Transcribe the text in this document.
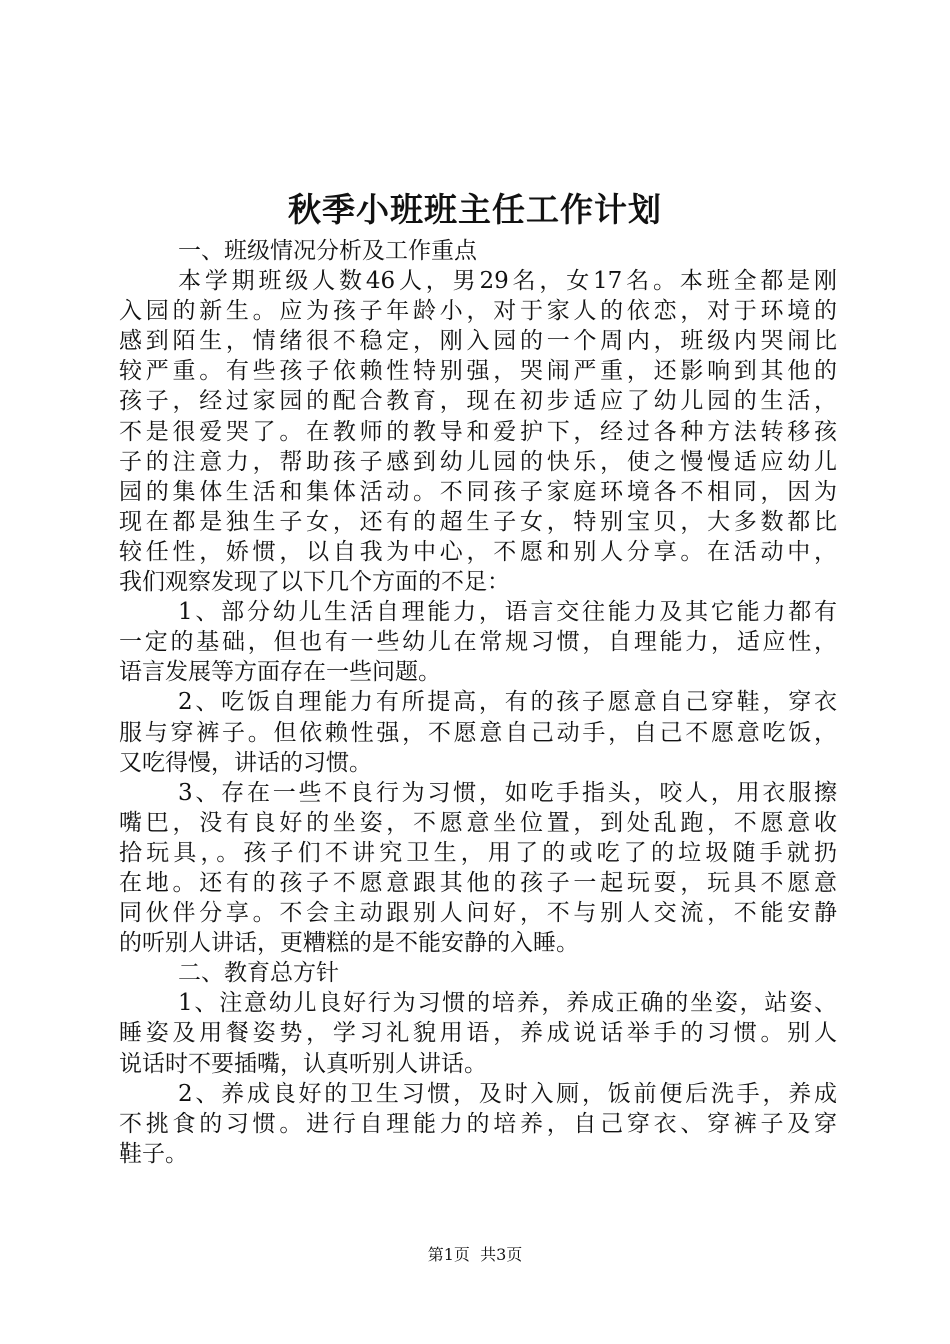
秋季小班班主任工作计划
一、班级情况分析及工作重点
本学期班级人数46人，男29名，女17名。本班全都是刚
入园的新生。应为孩子年龄小，对于家人的依恋，对于环境的
感到陌生，情绪很不稳定，刚入园的一个周内，班级内哭闹比
较严重。有些孩子依赖性特别强，哭闹严重，还影响到其他的
孩子，经过家园的配合教育，现在初步适应了幼儿园的生活，
不是很爱哭了。在教师的教导和爱护下，经过各种方法转移孩
子的注意力，帮助孩子感到幼儿园的快乐，使之慢慢适应幼儿
园的集体生活和集体活动。不同孩子家庭环境各不相同，因为
现在都是独生子女，还有的超生子女，特别宝贝，大多数都比
较任性，娇惯，以自我为中心，不愿和别人分享。在活动中，
我们观察发现了以下几个方面的不足：
1、部分幼儿生活自理能力，语言交往能力及其它能力都有
一定的基础，但也有一些幼儿在常规习惯，自理能力，适应性，
语言发展等方面存在一些问题。
2、吃饭自理能力有所提高，有的孩子愿意自己穿鞋，穿衣
服与穿裤子。但依赖性强，不愿意自己动手，自己不愿意吃饭，
又吃得慢，讲话的习惯。
3、存在一些不良行为习惯，如吃手指头，咬人，用衣服擦
嘴巴，没有良好的坐姿，不愿意坐位置，到处乱跑，不愿意收
拾玩具，。孩子们不讲究卫生，用了的或吃了的垃圾随手就扔
在地。还有的孩子不愿意跟其他的孩子一起玩耍，玩具不愿意
同伙伴分享。不会主动跟别人问好，不与别人交流，不能安静
的听别人讲话，更糟糕的是不能安静的入睡。
二、教育总方针
1、注意幼儿良好行为习惯的培养，养成正确的坐姿，站姿、
睡姿及用餐姿势，学习礼貌用语，养成说话举手的习惯。别人
说话时不要插嘴，认真听别人讲话。
2、养成良好的卫生习惯，及时入厕，饭前便后洗手，养成
不挑食的习惯。进行自理能力的培养，自己穿衣、穿裤子及穿
鞋子。
第1页 共3页
